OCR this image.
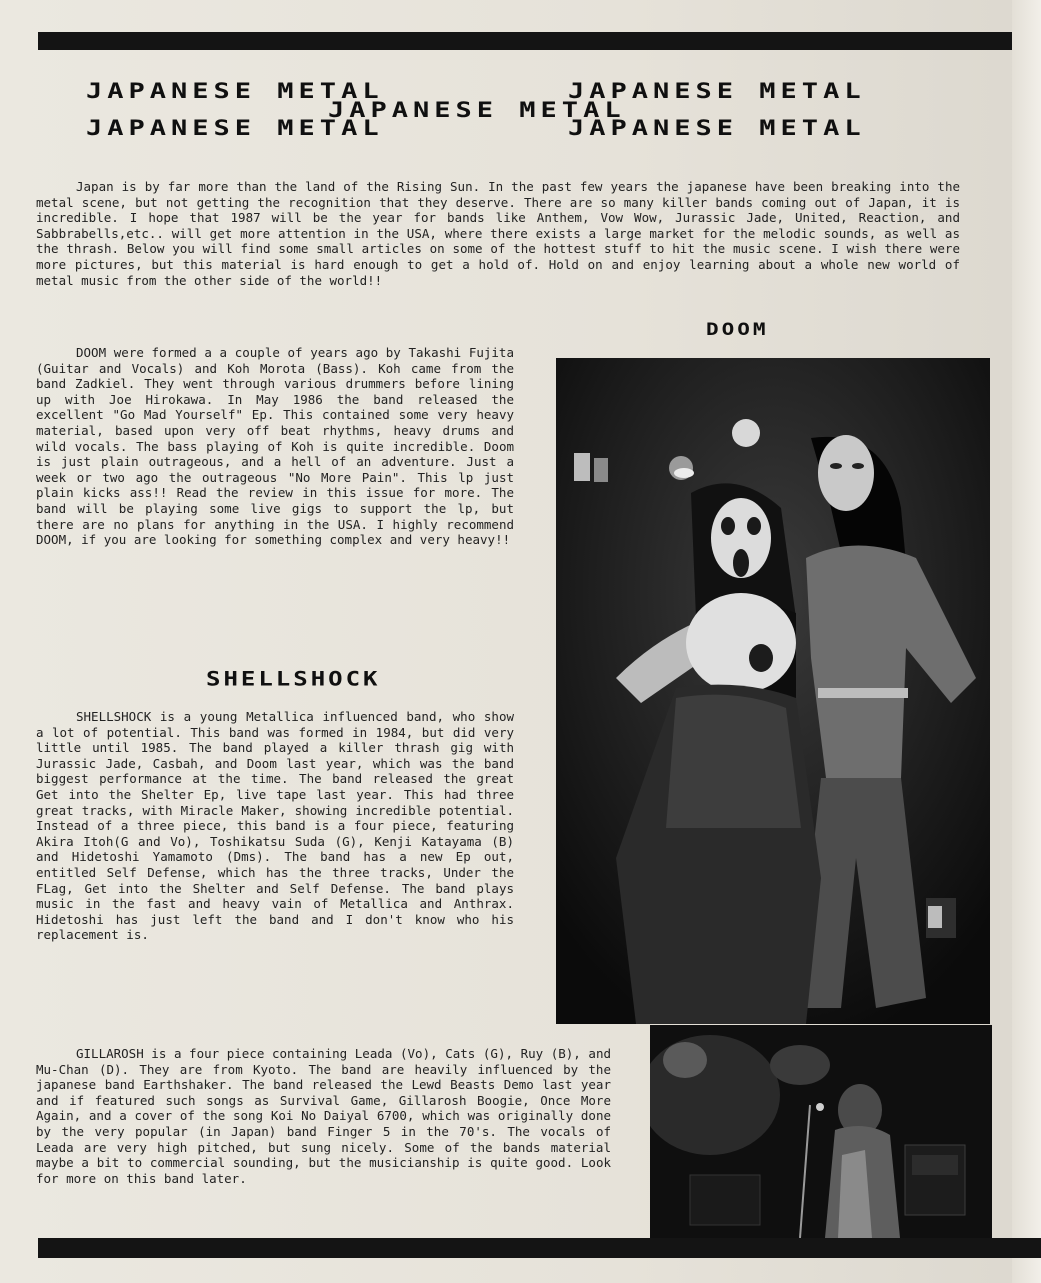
JAPANESE METAL	JAPANESE METAL
JAPANESE METAL
JAPANESE METAL	JAPANESE METAL

Japan is by far more than the land of the Rising Sun. In the past few years the japanese have been breaking into the metal scene, but not getting the recognition that they deserve. There are so many killer bands coming out of Japan, it is incredible. I hope that 1987 will be the year for bands like Anthem, Vow Wow, Jurassic Jade, United, Reaction, and Sabbrabells,etc.. will get more attention in the USA, where there exists a large market for the melodic sounds, as well as the thrash. Below you will find some small articles on some of the hottest stuff to hit the music scene. I wish there were more pictures, but this material is hard enough to get a hold of. Hold on and enjoy learning about a whole new world of metal music from the other side of the world!!

DOOM

DOOM were formed a a couple of years ago by Takashi Fujita (Guitar and Vocals) and Koh Morota (Bass). Koh came from the band Zadkiel. They went through various drummers before lining up with Joe Hirokawa. In May 1986 the band released the excellent "Go Mad Yourself" Ep. This contained some very heavy material, based upon very off beat rhythms, heavy drums and wild vocals. The bass playing of Koh is quite incredible. Doom is just plain outrageous, and a hell of an adventure. Just a week or two ago the outrageous "No More Pain". This lp just plain kicks ass!! Read the review in this issue for more. The band will be playing some live gigs to support the lp, but there are no plans for anything in the USA. I highly recommend DOOM, if you are looking for something complex and very heavy!!

SHELLSHOCK

SHELLSHOCK is a young Metallica influenced band, who show a lot of potential. This band was formed in 1984, but did very little until 1985. The band played a killer thrash gig with Jurassic Jade, Casbah, and Doom last year, which was the band biggest performance at the time. The band released the great Get into the Shelter Ep, live tape last year. This had three great tracks, with Miracle Maker, showing incredible potential. Instead of a three piece, this band is a four piece, featuring Akira Itoh(G and Vo), Toshikatsu Suda (G), Kenji Katayama (B) and Hidetoshi Yamamoto (Dms). The band has a new Ep out, entitled Self Defense, which has the three tracks, Under the FLag, Get into the Shelter and Self Defense. The band plays music in the fast and heavy vain of Metallica and Anthrax. Hidetoshi has just left the band and I don't know who his replacement is.

GILLAROSH is a four piece containing Leada (Vo), Cats (G), Ruy (B), and Mu-Chan (D). They are from Kyoto. The band are heavily influenced by the japanese band Earthshaker. The band released the Lewd Beasts Demo last year and if featured such songs as Survival Game, Gillarosh Boogie, Once More Again, and a cover of the song Koi No Daiyal 6700, which was originally done by the very popular (in Japan) band Finger 5 in the 70's. The vocals of Leada are very high pitched, but sung nicely. Some of the bands material maybe a bit to commercial sounding, but the musicianship is quite good. Look for more on this band later.
